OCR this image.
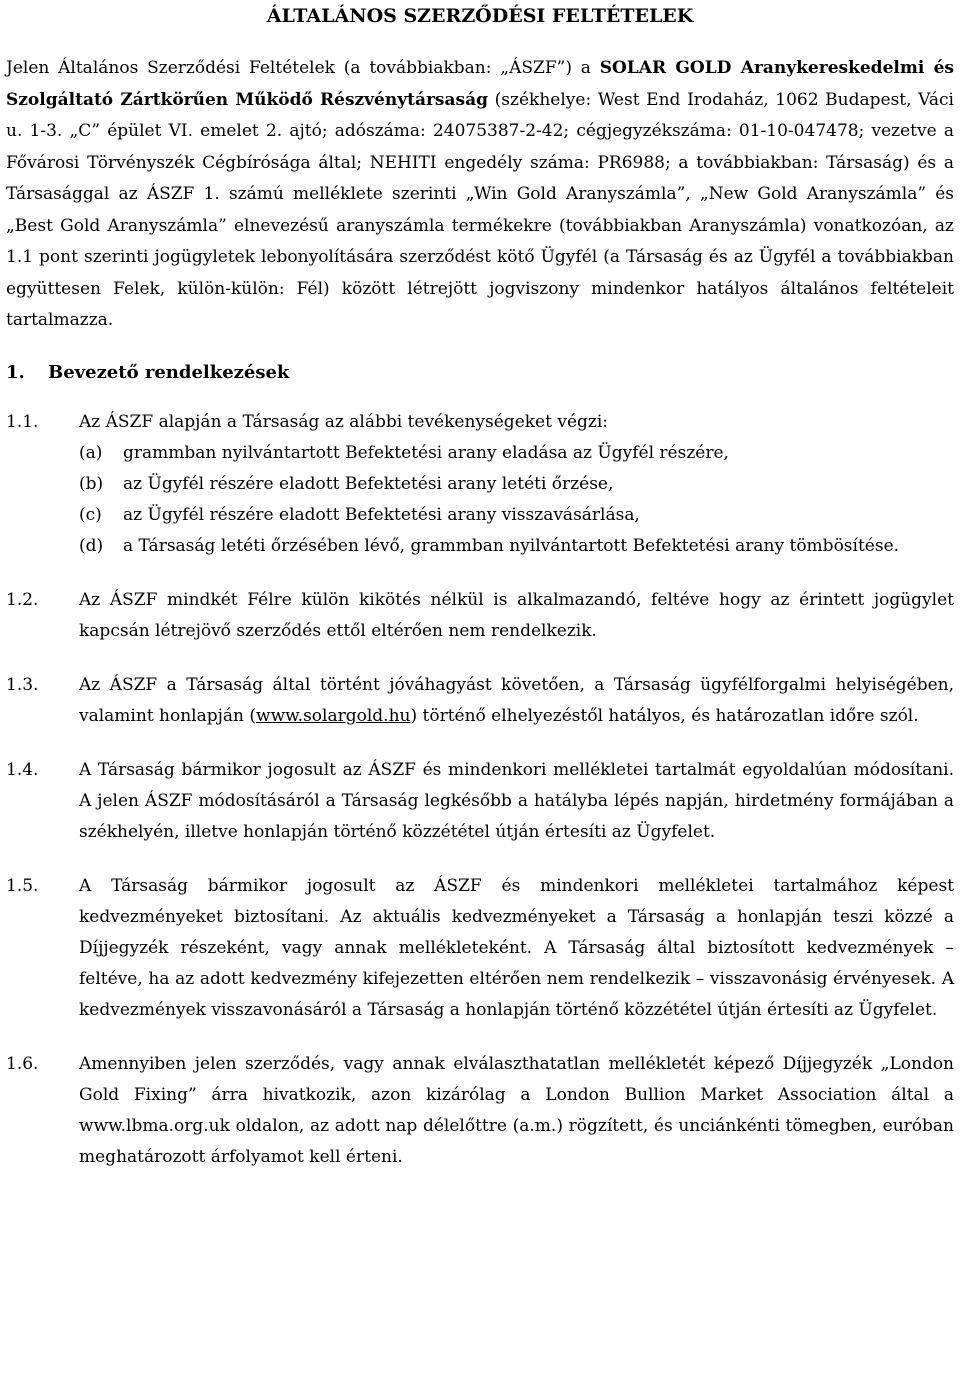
ÁLTALÁNOS SZERZŐDÉSI FELTÉTELEK

Jelen Általános Szerződési Feltételek (a továbbiakban: „ÁSZF”) a SOLAR GOLD Aranykereskedelmi és Szolgáltató Zártkörűen Működő Részvénytársaság (székhelye: West End Irodaház, 1062 Budapest, Váci u. 1-3. „C” épület VI. emelet 2. ajtó; adószáma: 24075387-2-42; cégjegyzékszáma: 01-10-047478; vezetve a Fővárosi Törvényszék Cégbírósága által; NEHITI engedély száma: PR6988; a továbbiakban: Társaság) és a Társasággal az ÁSZF 1. számú melléklete szerinti „Win Gold Aranyszámla”, „New Gold Aranyszámla” és „Best Gold Aranyszámla” elnevezésű aranyszámla termékekre (továbbiakban Aranyszámla) vonatkozóan, az 1.1 pont szerinti jogügyletek lebonyolítására szerződést kötő Ügyfél (a Társaság és az Ügyfél a továbbiakban együttesen Felek, külön-külön: Fél) között létrejött jogviszony mindenkor hatályos általános feltételeit tartalmazza.

1. Bevezető rendelkezések
1.1.	Az ÁSZF alapján a Társaság az alábbi tevékenységeket végzi:
(a)	grammban nyilvántartott Befektetési arany eladása az Ügyfél részére,
(b)	az Ügyfél részére eladott Befektetési arany letéti őrzése,
(c)	az Ügyfél részére eladott Befektetési arany visszavásárlása,
(d)	a Társaság letéti őrzésében lévő, grammban nyilvántartott Befektetési arany tömbösítése.
1.2.	Az ÁSZF mindkét Félre külön kikötés nélkül is alkalmazandó, feltéve hogy az érintett jogügylet kapcsán létrejövő szerződés ettől eltérően nem rendelkezik.
1.3.	Az ÁSZF a Társaság által történt jóváhagyást követően, a Társaság ügyfélforgalmi helyiségében, valamint honlapján (www.solargold.hu) történő elhelyezéstől hatályos, és határozatlan időre szól.
1.4.	A Társaság bármikor jogosult az ÁSZF és mindenkori mellékletei tartalmát egyoldalúan módosítani. A jelen ÁSZF módosításáról a Társaság legkésőbb a hatályba lépés napján, hirdetmény formájában a székhelyén, illetve honlapján történő közzététel útján értesíti az Ügyfelet.
1.5.	A Társaság bármikor jogosult az ÁSZF és mindenkori mellékletei tartalmához képest kedvezményeket biztosítani. Az aktuális kedvezményeket a Társaság a honlapján teszi közzé a Díjjegyzék részeként, vagy annak mellékleteként. A Társaság által biztosított kedvezmények – feltéve, ha az adott kedvezmény kifejezetten eltérően nem rendelkezik – visszavonásig érvényesek. A kedvezmények visszavonásáról a Társaság a honlapján történő közzététel útján értesíti az Ügyfelet.
1.6.	Amennyiben jelen szerződés, vagy annak elválaszthatatlan mellékletét képező Díjjegyzék „London Gold Fixing” árra hivatkozik, azon kizárólag a London Bullion Market Association által a www.lbma.org.uk oldalon, az adott nap délelőttre (a.m.) rögzített, és unciánkénti tömegben, euróban meghatározott árfolyamot kell érteni.
